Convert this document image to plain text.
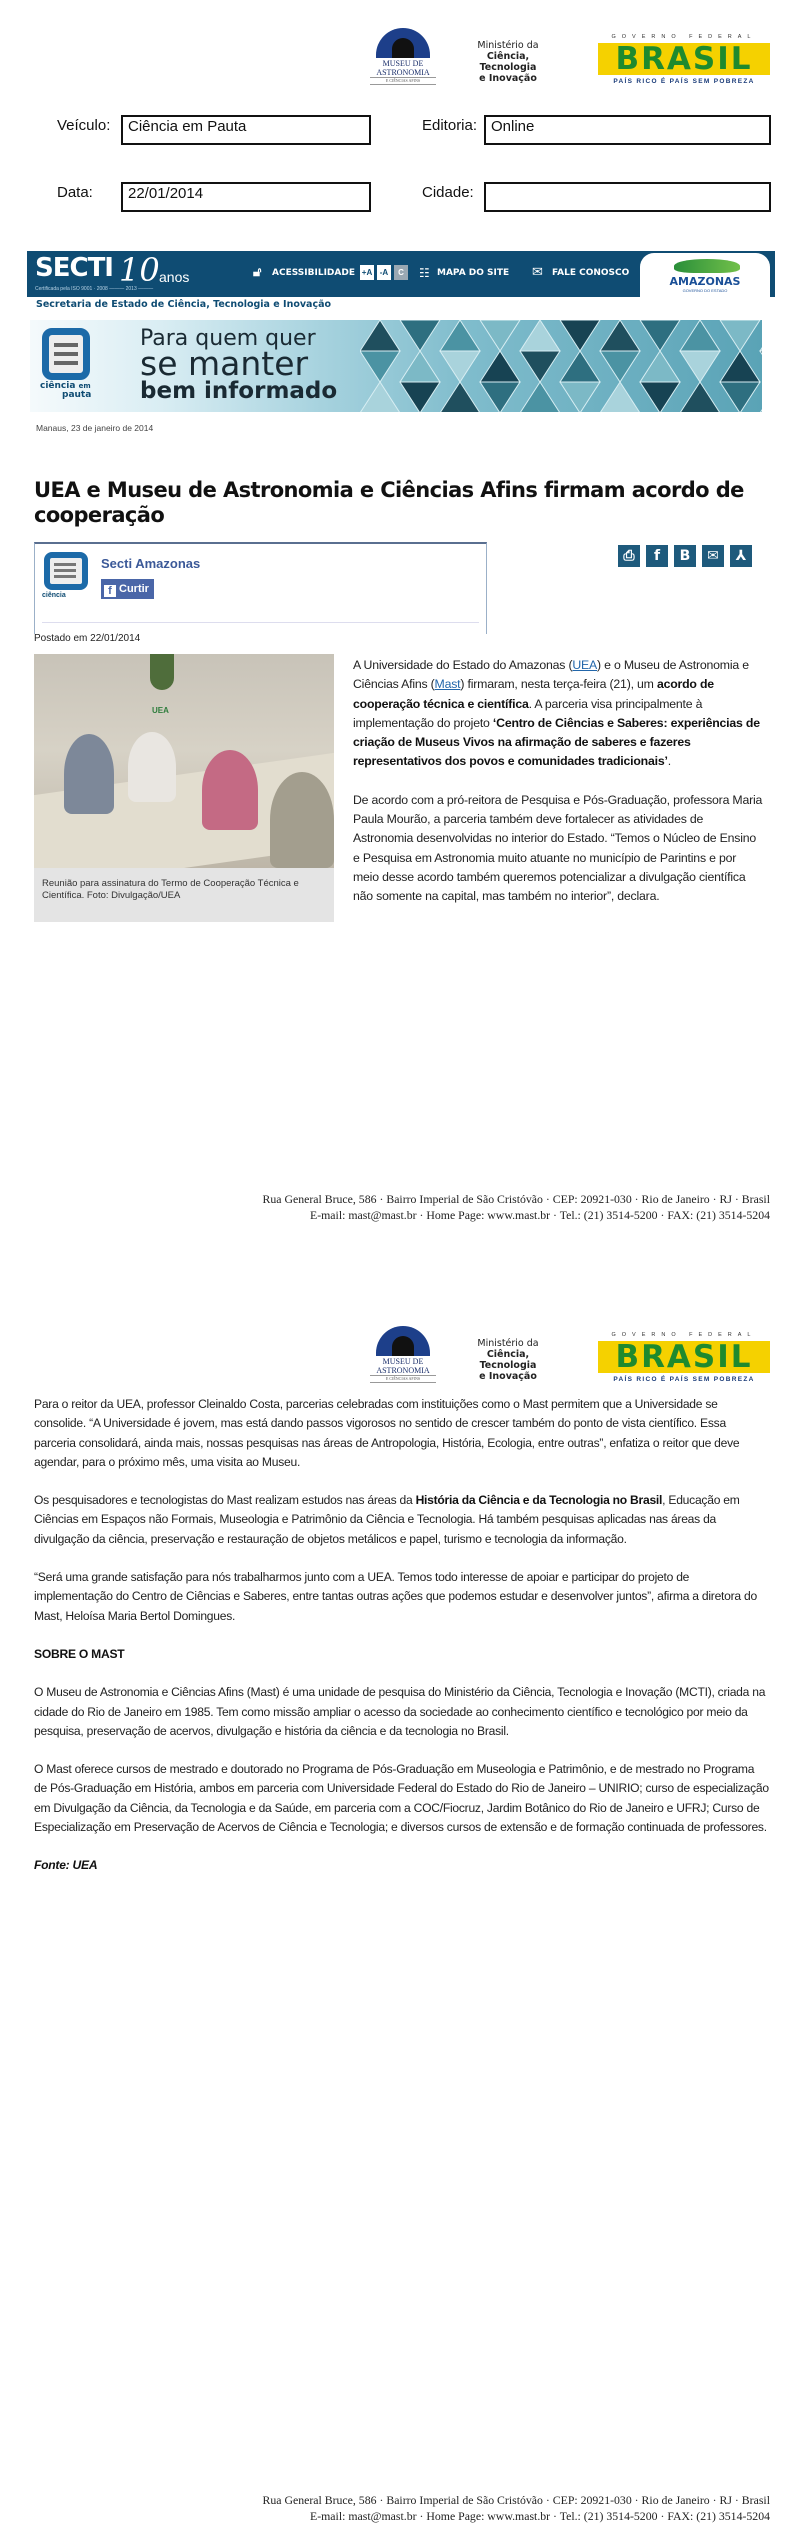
MUSEU DE
ASTRONOMIA
E CIÊNCIAS AFINS
Ministério da
Ciência, Tecnologia
e Inovação
GOVERNO FEDERAL
BRASIL
PAÍS RICO É PAÍS SEM POBREZA
Veículo:	Ciência em Pauta	Editoria: Online
Data:	22/01/2014	Cidade:
SECTI 10 anos
Certificada pela ISO 9001 · 2008 ——— 2013 ———
🔓︎ ACESSIBILIDADE +A -A	C	☷ MAPA DO SITE ✉ FALE CONOSCO
AMAZONAS
GOVERNO DO ESTADO
Secretaria de Estado de Ciência, Tecnologia e Inovação
ciência em
pauta
Para quem quer
se manter
bem informado
Manaus, 23 de janeiro de 2014
UEA e Museu de Astronomia e Ciências Afins firmam acordo de cooperação
ciência
Secti Amazonas
f Curtir
Postado em 22/01/2014
⎙	f	B	✉	⅄
UEA
Reunião para assinatura do Termo de Cooperação Técnica e Científica. Foto: Divulgação/UEA

A Universidade do Estado do Amazonas (UEA) e o Museu de Astronomia e Ciências Afins (Mast) firmaram, nesta terça-feira (21), um acordo de cooperação técnica e científica. A parceria visa principalmente à implementação do projeto ‘Centro de Ciências e Saberes: experiências de criação de Museus Vivos na afirmação de saberes e fazeres representativos dos povos e comunidades tradicionais’.

De acordo com a pró-reitora de Pesquisa e Pós-Graduação, professora Maria Paula Mourão, a parceria também deve fortalecer as atividades de Astronomia desenvolvidas no interior do Estado. “Temos o Núcleo de Ensino e Pesquisa em Astronomia muito atuante no município de Parintins e por meio desse acordo também queremos potencializar a divulgação científica não somente na capital, mas também no interior”, declara.

Rua General Bruce, 586 · Bairro Imperial de São Cristóvão · CEP: 20921-030 · Rio de Janeiro · RJ · Brasil
E-mail: mast@mast.br · Home Page: www.mast.br · Tel.: (21) 3514-5200 · FAX: (21) 3514-5204
MUSEU DE
ASTRONOMIA
E CIÊNCIAS AFINS
Ministério da
Ciência, Tecnologia
e Inovação
GOVERNO FEDERAL
BRASIL
PAÍS RICO É PAÍS SEM POBREZA

Para o reitor da UEA, professor Cleinaldo Costa, parcerias celebradas com instituições como o Mast permitem que a Universidade se consolide. “A Universidade é jovem, mas está dando passos vigorosos no sentido de crescer também do ponto de vista científico. Essa parceria consolidará, ainda mais, nossas pesquisas nas áreas de Antropologia, História, Ecologia, entre outras”, enfatiza o reitor que deve agendar, para o próximo mês, uma visita ao Museu.

Os pesquisadores e tecnologistas do Mast realizam estudos nas áreas da História da Ciência e da Tecnologia no Brasil, Educação em Ciências em Espaços não Formais, Museologia e Patrimônio da Ciência e Tecnologia. Há também pesquisas aplicadas nas áreas da divulgação da ciência, preservação e restauração de objetos metálicos e papel, turismo e tecnologia da informação.

“Será uma grande satisfação para nós trabalharmos junto com a UEA. Temos todo interesse de apoiar e participar do projeto de implementação do Centro de Ciências e Saberes, entre tantas outras ações que podemos estudar e desenvolver juntos”, afirma a diretora do Mast, Heloísa Maria Bertol Domingues.

SOBRE O MAST

O Museu de Astronomia e Ciências Afins (Mast) é uma unidade de pesquisa do Ministério da Ciência, Tecnologia e Inovação (MCTI), criada na cidade do Rio de Janeiro em 1985. Tem como missão ampliar o acesso da sociedade ao conhecimento científico e tecnológico por meio da pesquisa, preservação de acervos, divulgação e história da ciência e da tecnologia no Brasil.

O Mast oferece cursos de mestrado e doutorado no Programa de Pós-Graduação em Museologia e Patrimônio, e de mestrado no Programa de Pós-Graduação em História, ambos em parceria com Universidade Federal do Estado do Rio de Janeiro – UNIRIO; curso de especialização em Divulgação da Ciência, da Tecnologia e da Saúde, em parceria com a COC/Fiocruz, Jardim Botânico do Rio de Janeiro e UFRJ; Curso de Especialização em Preservação de Acervos de Ciência e Tecnologia; e diversos cursos de extensão e de formação continuada de professores.

Fonte: UEA

Rua General Bruce, 586 · Bairro Imperial de São Cristóvão · CEP: 20921-030 · Rio de Janeiro · RJ · Brasil
E-mail: mast@mast.br · Home Page: www.mast.br · Tel.: (21) 3514-5200 · FAX: (21) 3514-5204
